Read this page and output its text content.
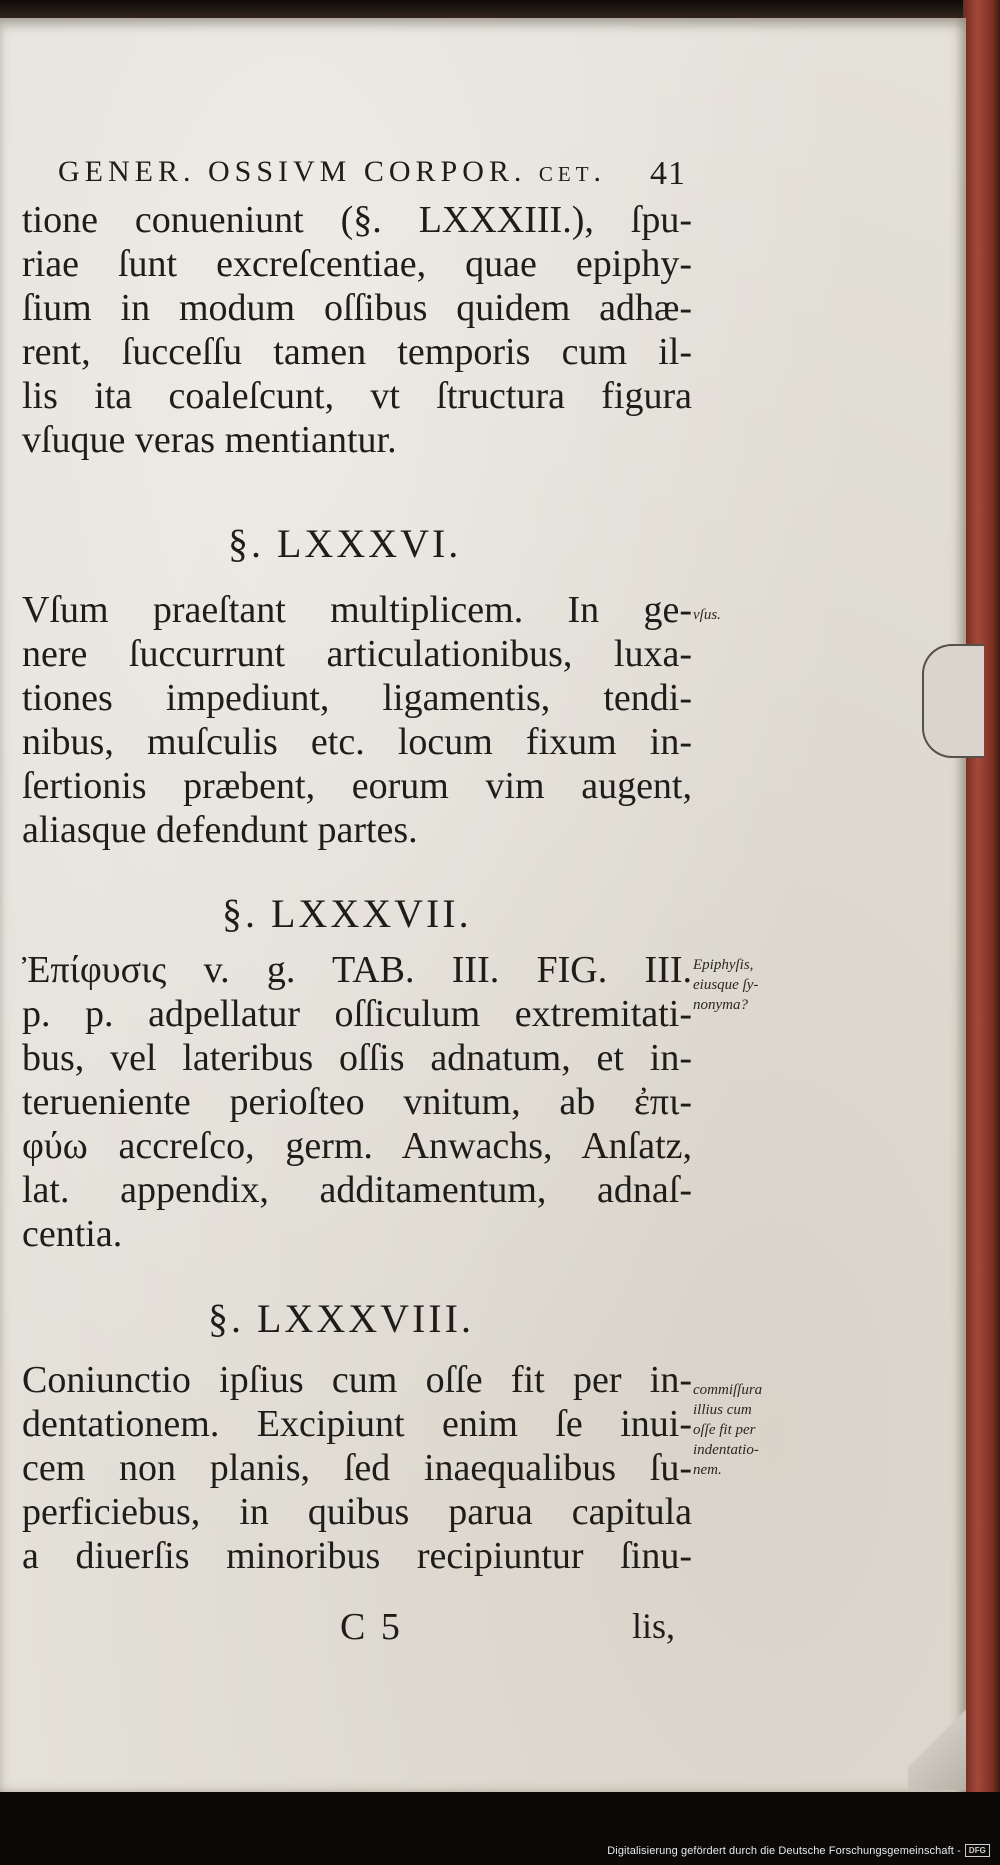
GENER. OSSIVM CORPOR. cet. 41
tione conueniunt (§. LXXXIII.), ſpu-
riae ſunt excreſcentiae, quae epiphy-
ſium in modum oſſibus quidem adhæ-
rent, ſucceſſu tamen temporis cum il-
lis ita coaleſcunt, vt ſtructura figura
vſuque veras mentiantur.
§. LXXXVI.
Vſum praeſtant multiplicem. In ge- vſus.
nere ſuccurrunt articulationibus, luxa-
tiones impediunt, ligamentis, tendi-
nibus, muſculis etc. locum fixum in-
ſertionis præbent, eorum vim augent,
aliasque defendunt partes.
§. LXXXVII.
Ἐπίφυσις v. g. TAB. III. FIG. III. Epiphyſis,
eiusque ſy-
nonyma?
p. p. adpellatur oſſiculum extremitati-
bus, vel lateribus oſſis adnatum, et in-
teruenientе perioſteo vnitum, ab ἐπι-
φύω accreſco, germ. Anwachs, Anſatz,
lat. appendix, additamentum, adnaſ-
centia.
§. LXXXVIII.
Coniunctio ipſius cum oſſe fit per in- commiſſura
illius cum
oſſe fit per
indentatio-
nem.
dentationem. Excipiunt enim ſe inui-
cem non planis, ſed inaequalibus ſu-
perficiebus, in quibus parua capitula
a diuerſis minoribus recipiuntur ſinu-
C 5	lis,
Digitalisierung gefördert durch die Deutsche Forschungsgemeinschaft -	DFG
